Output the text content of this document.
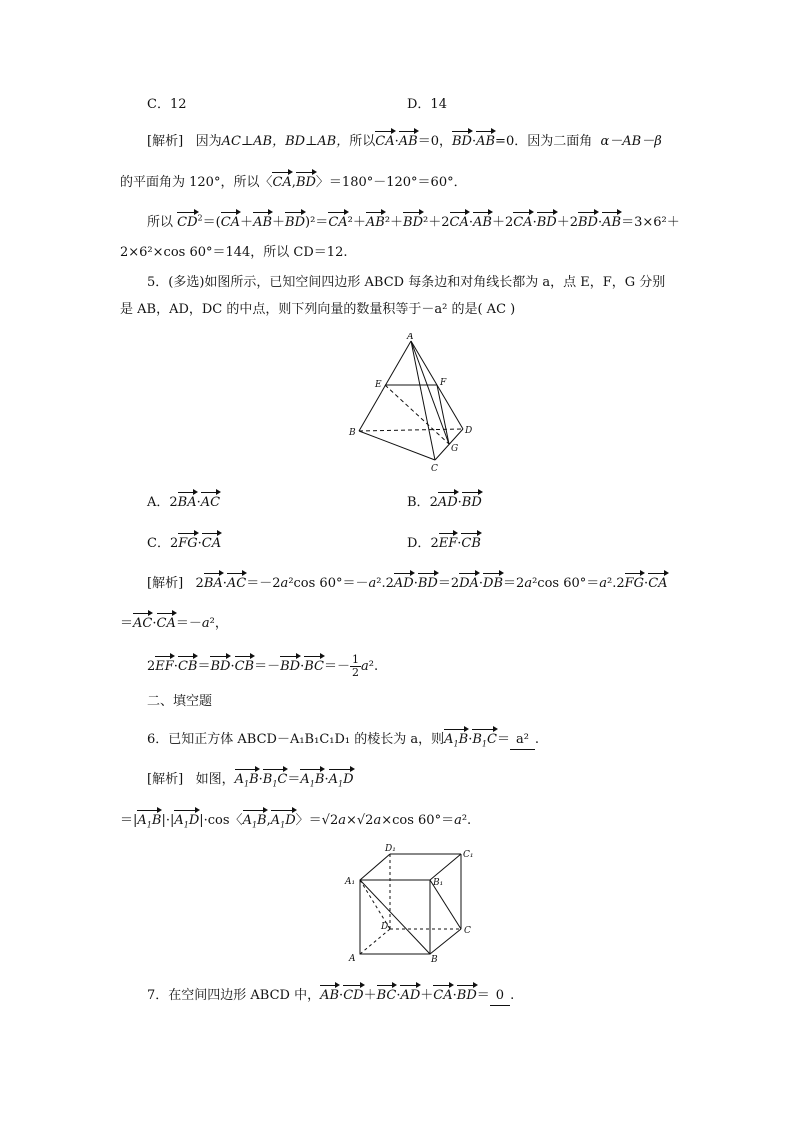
C．12	D．14
[解析] 因为AC⊥AB，BD⊥AB，所以CA·AB＝0，BD·AB=0．因为二面角 α－AB－β
的平面角为 120°，所以〈CA,BD〉＝180°－120°＝60°．
所以 $CD^2=(CA+AB+BD)^2=CA^2+AB^2+BD^2+2CA\cdot AB+2CA\cdot BD+2BD\cdot AB=3\times 6^2+$
2×6²×cos 60°＝144，所以 CD＝12.
5．(多选)如图所示，已知空间四边形 ABCD 每条边和对角线长都为 a，点 E，F，G 分别
是 AB，AD，DC 的中点，则下列向量的数量积等于－a² 的是( AC )
A
E	F
B	D
G
C
A．2BA·AC	B．2AD·BD
C．2FG·CA	D．2EF·CB
[解析]   2BA·AC＝－2a²cos 60°＝－a².2AD·BD＝2DA·DB＝2a²cos 60°＝a².2FG·CA
＝AC·CA＝－a²，
$2EF\cdot CB=BD\cdot CB=-BD\cdot BC=- \frac{1}{2} a^2$.
二、填空题
6．已知正方体 ABCD－A₁B₁C₁D₁ 的棱长为 a，则$A_1B\cdot B_1C= a^2$ .
[解析] 如图，$A_1B\cdot B_1C=A_1B\cdot A_1D$
$=|A_1B|\cdot|A_1D|\cdot\cos$〈$A_1B,A_1D$〉＝√2a×√2a×cos 60°＝a².
D₁
C₁
A₁	B₁
D	C
A	B
7．在空间四边形 ABCD 中，AB·CD＋BC·AD＋CA·BD＝ 0 .
